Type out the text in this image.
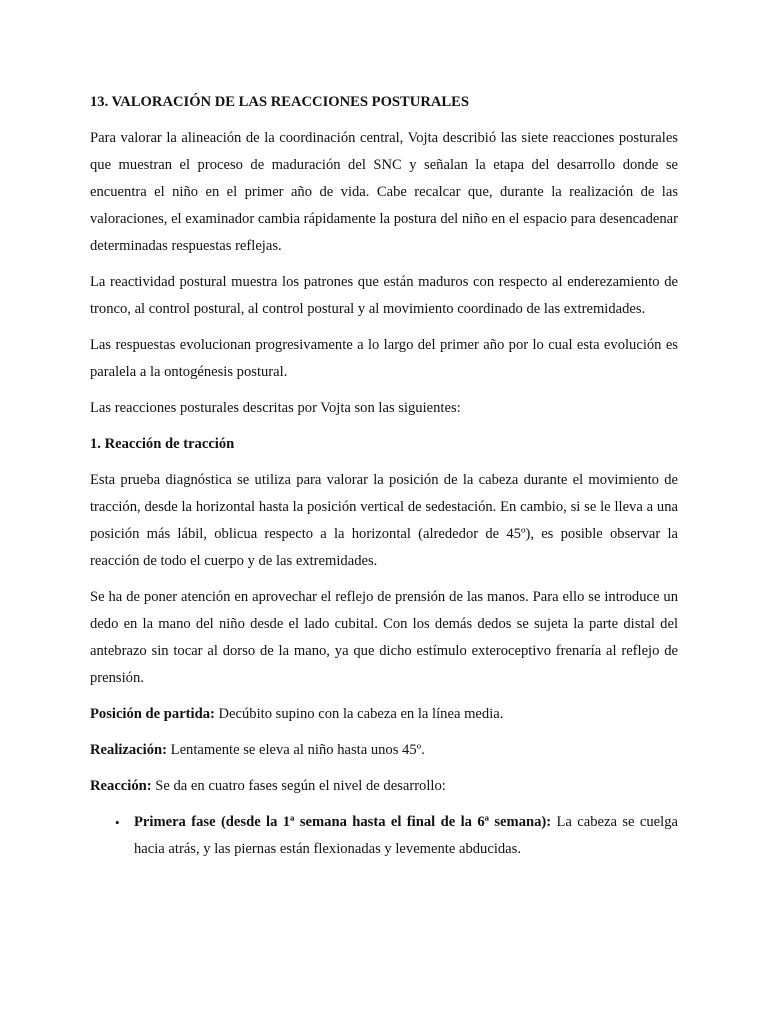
13. VALORACIÓN DE LAS REACCIONES POSTURALES

Para valorar la alineación de la coordinación central, Vojta describió las siete reacciones posturales que muestran el proceso de maduración del SNC y señalan la etapa del desarrollo donde se encuentra el niño en el primer año de vida. Cabe recalcar que, durante la realización de las valoraciones, el examinador cambia rápidamente la postura del niño en el espacio para desencadenar determinadas respuestas reflejas.

La reactividad postural muestra los patrones que están maduros con respecto al enderezamiento de tronco, al control postural, al control postural y al movimiento coordinado de las extremidades.

Las respuestas evolucionan progresivamente a lo largo del primer año por lo cual esta evolución es paralela a la ontogénesis postural.

Las reacciones posturales descritas por Vojta son las siguientes:

1. Reacción de tracción

Esta prueba diagnóstica se utiliza para valorar la posición de la cabeza durante el movimiento de tracción, desde la horizontal hasta la posición vertical de sedestación. En cambio, si se le lleva a una posición más lábil, oblicua respecto a la horizontal (alrededor de 45º), es posible observar la reacción de todo el cuerpo y de las extremidades.

Se ha de poner atención en aprovechar el reflejo de prensión de las manos. Para ello se introduce un dedo en la mano del niño desde el lado cubital. Con los demás dedos se sujeta la parte distal del antebrazo sin tocar al dorso de la mano, ya que dicho estímulo exteroceptivo frenaría al reflejo de prensión.

Posición de partida: Decúbito supino con la cabeza en la línea media.

Realización: Lentamente se eleva al niño hasta unos 45º.

Reacción: Se da en cuatro fases según el nivel de desarrollo:

• Primera fase (desde la 1ª semana hasta el final de la 6ª semana): La cabeza se cuelga hacia atrás, y las piernas están flexionadas y levemente abducidas.
